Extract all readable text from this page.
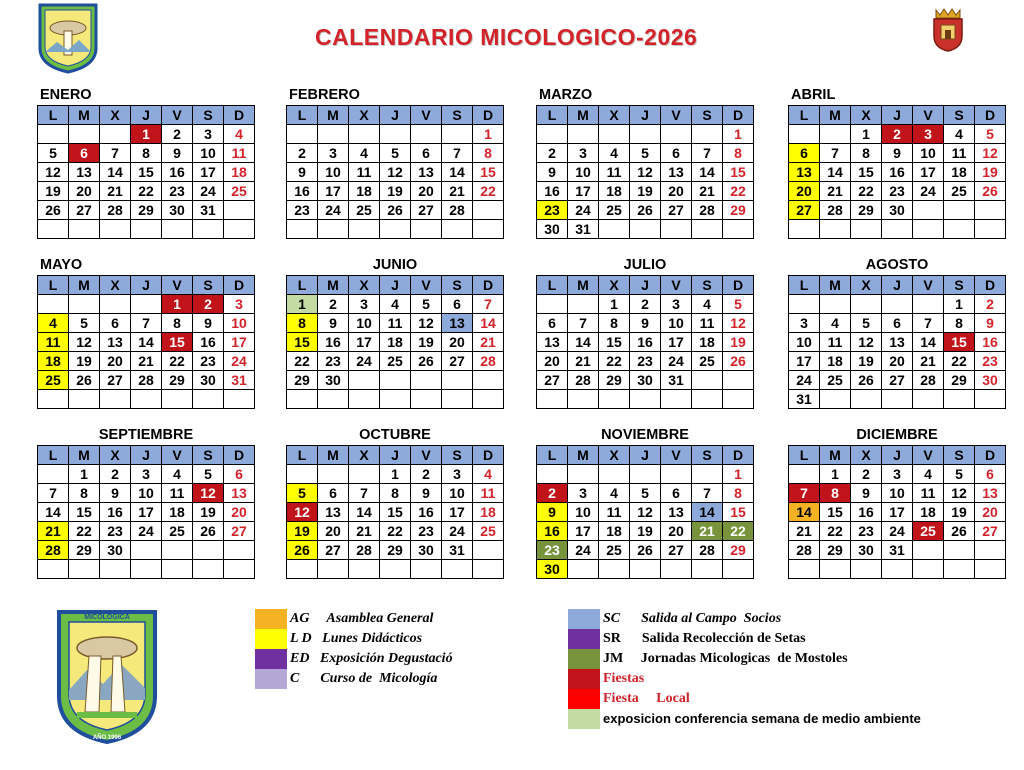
CALENDARIO MICOLOGICO-2026
ENERO
L	M	X	J	V	S	D
			1	2	3	4
5	6	7	8	9	10	11
12	13	14	15	16	17	18
19	20	21	22	23	24	25
26	27	28	29	30	31	

FEBRERO
L	M	X	J	V	S	D
						1
2	3	4	5	6	7	8
9	10	11	12	13	14	15
16	17	18	19	20	21	22
23	24	25	26	27	28	

MARZO
L	M	X	J	V	S	D
						1
2	3	4	5	6	7	8
9	10	11	12	13	14	15
16	17	18	19	20	21	22
23	24	25	26	27	28	29
30	31					
ABRIL
L	M	X	J	V	S	D
		1	2	3	4	5
6	7	8	9	10	11	12
13	14	15	16	17	18	19
20	21	22	23	24	25	26
27	28	29	30			

MAYO
L	M	X	J	V	S	D
				1	2	3
4	5	6	7	8	9	10
11	12	13	14	15	16	17
18	19	20	21	22	23	24
25	26	27	28	29	30	31

JUNIO
L	M	X	J	V	S	D
1	2	3	4	5	6	7
8	9	10	11	12	13	14
15	16	17	18	19	20	21
22	23	24	25	26	27	28
29	30					

JULIO
L	M	X	J	V	S	D
		1	2	3	4	5
6	7	8	9	10	11	12
13	14	15	16	17	18	19
20	21	22	23	24	25	26
27	28	29	30	31		

AGOSTO
L	M	X	J	V	S	D
					1	2
3	4	5	6	7	8	9
10	11	12	13	14	15	16
17	18	19	20	21	22	23
24	25	26	27	28	29	30
31						
SEPTIEMBRE
L	M	X	J	V	S	D
	1	2	3	4	5	6
7	8	9	10	11	12	13
14	15	16	17	18	19	20
21	22	23	24	25	26	27
28	29	30				

OCTUBRE
L	M	X	J	V	S	D
			1	2	3	4
5	6	7	8	9	10	11
12	13	14	15	16	17	18
19	20	21	22	23	24	25
26	27	28	29	30	31	

NOVIEMBRE
L	M	X	J	V	S	D
						1
2	3	4	5	6	7	8
9	10	11	12	13	14	15
16	17	18	19	20	21	22
23	24	25	26	27	28	29
30						
DICIEMBRE
L	M	X	J	V	S	D
	1	2	3	4	5	6
7	8	9	10	11	12	13
14	15	16	17	18	19	20
21	22	23	24	25	26	27
28	29	30	31			

MICOLOGICA
AÑO 1996
AG     Asamblea General
L D   Lunes Didácticos
ED   Exposición Degustació
C      Curso de  Micología
SC      Salida al Campo  Socios
SR      Salida Recolección de Setas
JM     Jornadas Micologicas  de Mostoles
Fiestas
Fiesta     Local
exposicion conferencia semana de medio ambiente
